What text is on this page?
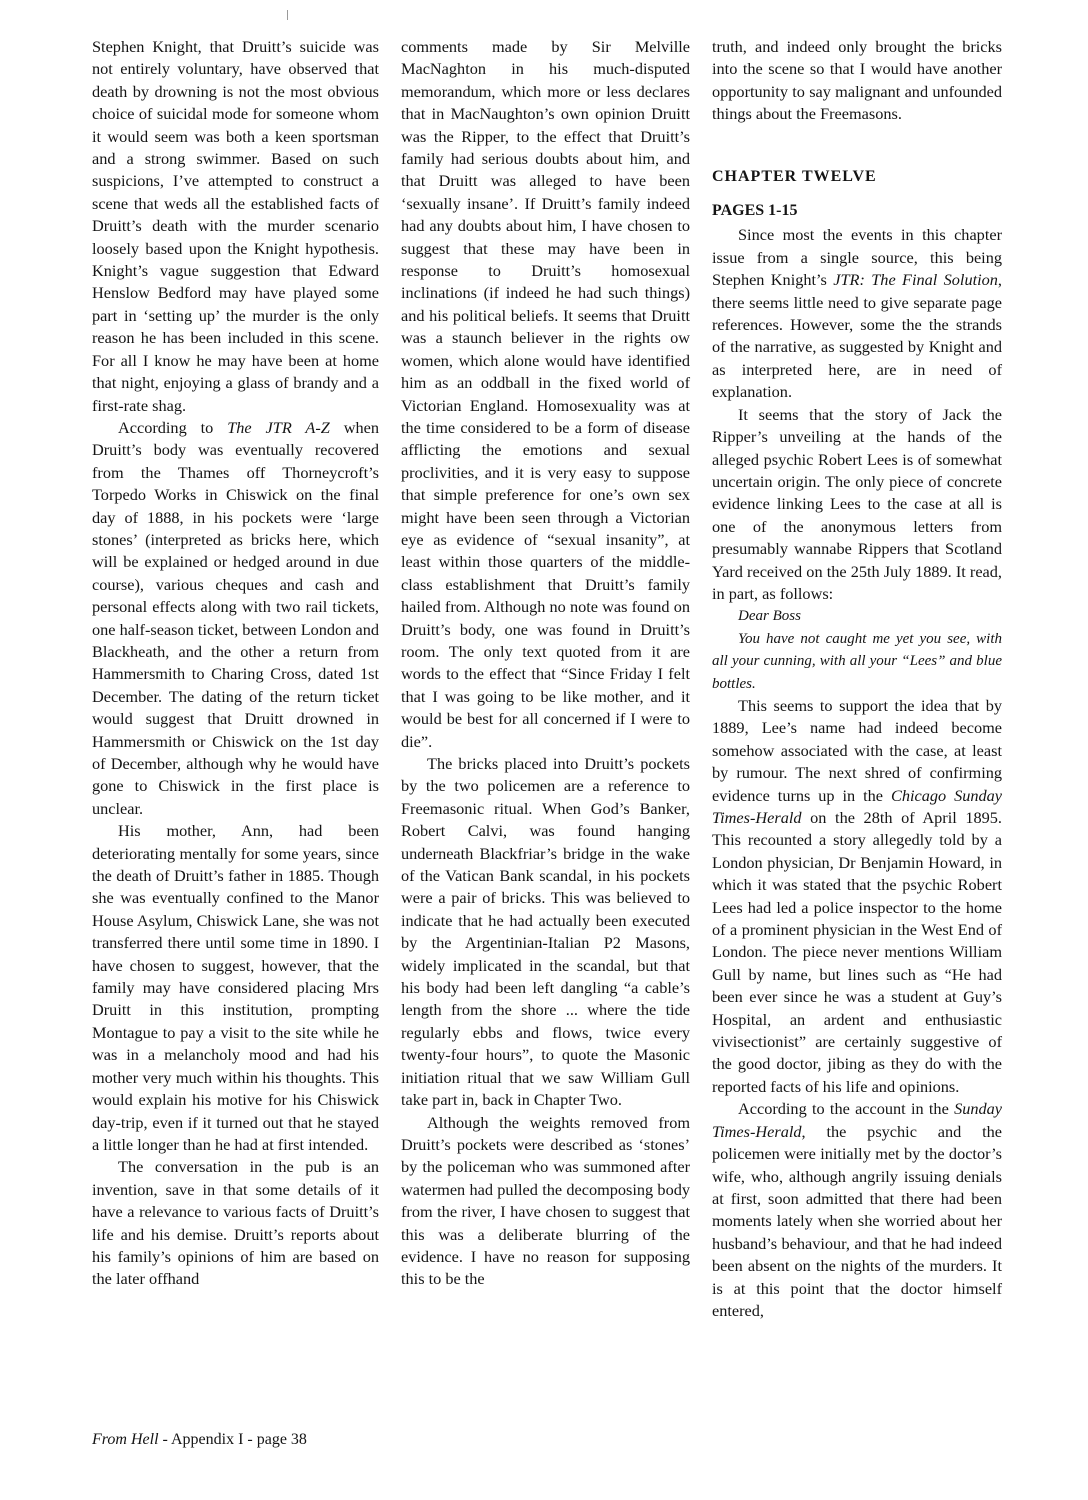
Stephen Knight, that Druitt’s suicide was not entirely voluntary, have observed that death by drowning is not the most obvious choice of suicidal mode for someone whom it would seem was both a keen sportsman and a strong swimmer. Based on such suspicions, I’ve attempted to construct a scene that weds all the established facts of Druitt’s death with the murder scenario loosely based upon the Knight hypothesis. Knight’s vague suggestion that Edward Henslow Bedford may have played some part in ‘setting up’ the murder is the only reason he has been included in this scene. For all I know he may have been at home that night, enjoying a glass of brandy and a first-rate shag.

According to The JTR A-Z when Druitt’s body was eventually recovered from the Thames off Thorneycroft’s Torpedo Works in Chiswick on the final day of 1888, in his pockets were ‘large stones’ (interpreted as bricks here, which will be explained or hedged around in due course), various cheques and cash and personal effects along with two rail tickets, one half-season ticket, between London and Blackheath, and the other a return from Hammersmith to Charing Cross, dated 1st December. The dating of the return ticket would suggest that Druitt drowned in Hammersmith or Chiswick on the 1st day of December, although why he would have gone to Chiswick in the first place is unclear.

His mother, Ann, had been deteriorating mentally for some years, since the death of Druitt’s father in 1885. Though she was eventually confined to the Manor House Asylum, Chiswick Lane, she was not transferred there until some time in 1890. I have chosen to suggest, however, that the family may have considered placing Mrs Druitt in this institution, prompting Montague to pay a visit to the site while he was in a melancholy mood and had his mother very much within his thoughts. This would explain his motive for his Chiswick day-trip, even if it turned out that he stayed a little longer than he had at first intended.

The conversation in the pub is an invention, save in that some details of it have a relevance to various facts of Druitt’s life and his demise. Druitt’s reports about his family’s opinions of him are based on the later offhand

comments made by Sir Melville MacNaghton in his much-disputed memorandum, which more or less declares that in MacNaughton’s own opinion Druitt was the Ripper, to the effect that Druitt’s family had serious doubts about him, and that Druitt was alleged to have been ‘sexually insane’. If Druitt’s family indeed had any doubts about him, I have chosen to suggest that these may have been in response to Druitt’s homosexual inclinations (if indeed he had such things) and his political beliefs. It seems that Druitt was a staunch believer in the rights ow women, which alone would have identified him as an oddball in the fixed world of Victorian England. Homosexuality was at the time considered to be a form of disease afflicting the emotions and sexual proclivities, and it is very easy to suppose that simple preference for one’s own sex might have been seen through a Victorian eye as evidence of “sexual insanity”, at least within those quarters of the middle-class establishment that Druitt’s family hailed from. Although no note was found on Druitt’s body, one was found in Druitt’s room. The only text quoted from it are words to the effect that “Since Friday I felt that I was going to be like mother, and it would be best for all concerned if I were to die”.

The bricks placed into Druitt’s pockets by the two policemen are a reference to Freemasonic ritual. When God’s Banker, Robert Calvi, was found hanging underneath Blackfriar’s bridge in the wake of the Vatican Bank scandal, in his pockets were a pair of bricks. This was believed to indicate that he had actually been executed by the Argentinian-Italian P2 Masons, widely implicated in the scandal, but that his body had been left dangling “a cable’s length from the shore ... where the tide regularly ebbs and flows, twice every twenty-four hours”, to quote the Masonic initiation ritual that we saw William Gull take part in, back in Chapter Two.

Although the weights removed from Druitt’s pockets were described as ‘stones’ by the policeman who was summoned after watermen had pulled the decomposing body from the river, I have chosen to suggest that this was a deliberate blurring of the evidence. I have no reason for supposing this to be the

truth, and indeed only brought the bricks into the scene so that I would have another opportunity to say malignant and unfounded things about the Freemasons.

CHAPTER TWELVE
PAGES 1-15

Since most the events in this chapter issue from a single source, this being Stephen Knight’s JTR: The Final Solution, there seems little need to give separate page references. However, some the the strands of the narrative, as suggested by Knight and as interpreted here, are in need of explanation.

It seems that the story of Jack the Ripper’s unveiling at the hands of the alleged psychic Robert Lees is of somewhat uncertain origin. The only piece of concrete evidence linking Lees to the case at all is one of the anonymous letters from presumably wannabe Rippers that Scotland Yard received on the 25th July 1889. It read, in part, as follows:

Dear Boss

You have not caught me yet you see, with all your cunning, with all your “Lees” and blue bottles.

This seems to support the idea that by 1889, Lee’s name had indeed become somehow associated with the case, at least by rumour. The next shred of confirming evidence turns up in the Chicago Sunday Times-Herald on the 28th of April 1895. This recounted a story allegedly told by a London physician, Dr Benjamin Howard, in which it was stated that the psychic Robert Lees had led a police inspector to the home of a prominent physician in the West End of London. The piece never mentions William Gull by name, but lines such as “He had been ever since he was a student at Guy’s Hospital, an ardent and enthusiastic vivisectionist” are certainly suggestive of the good doctor, jibing as they do with the reported facts of his life and opinions.

According to the account in the Sunday Times-Herald, the psychic and the policemen were initially met by the doctor’s wife, who, although angrily issuing denials at first, soon admitted that there had been moments lately when she worried about her husband’s behaviour, and that he had indeed been absent on the nights of the murders. It is at this point that the doctor himself entered,

From Hell - Appendix I - page 38
